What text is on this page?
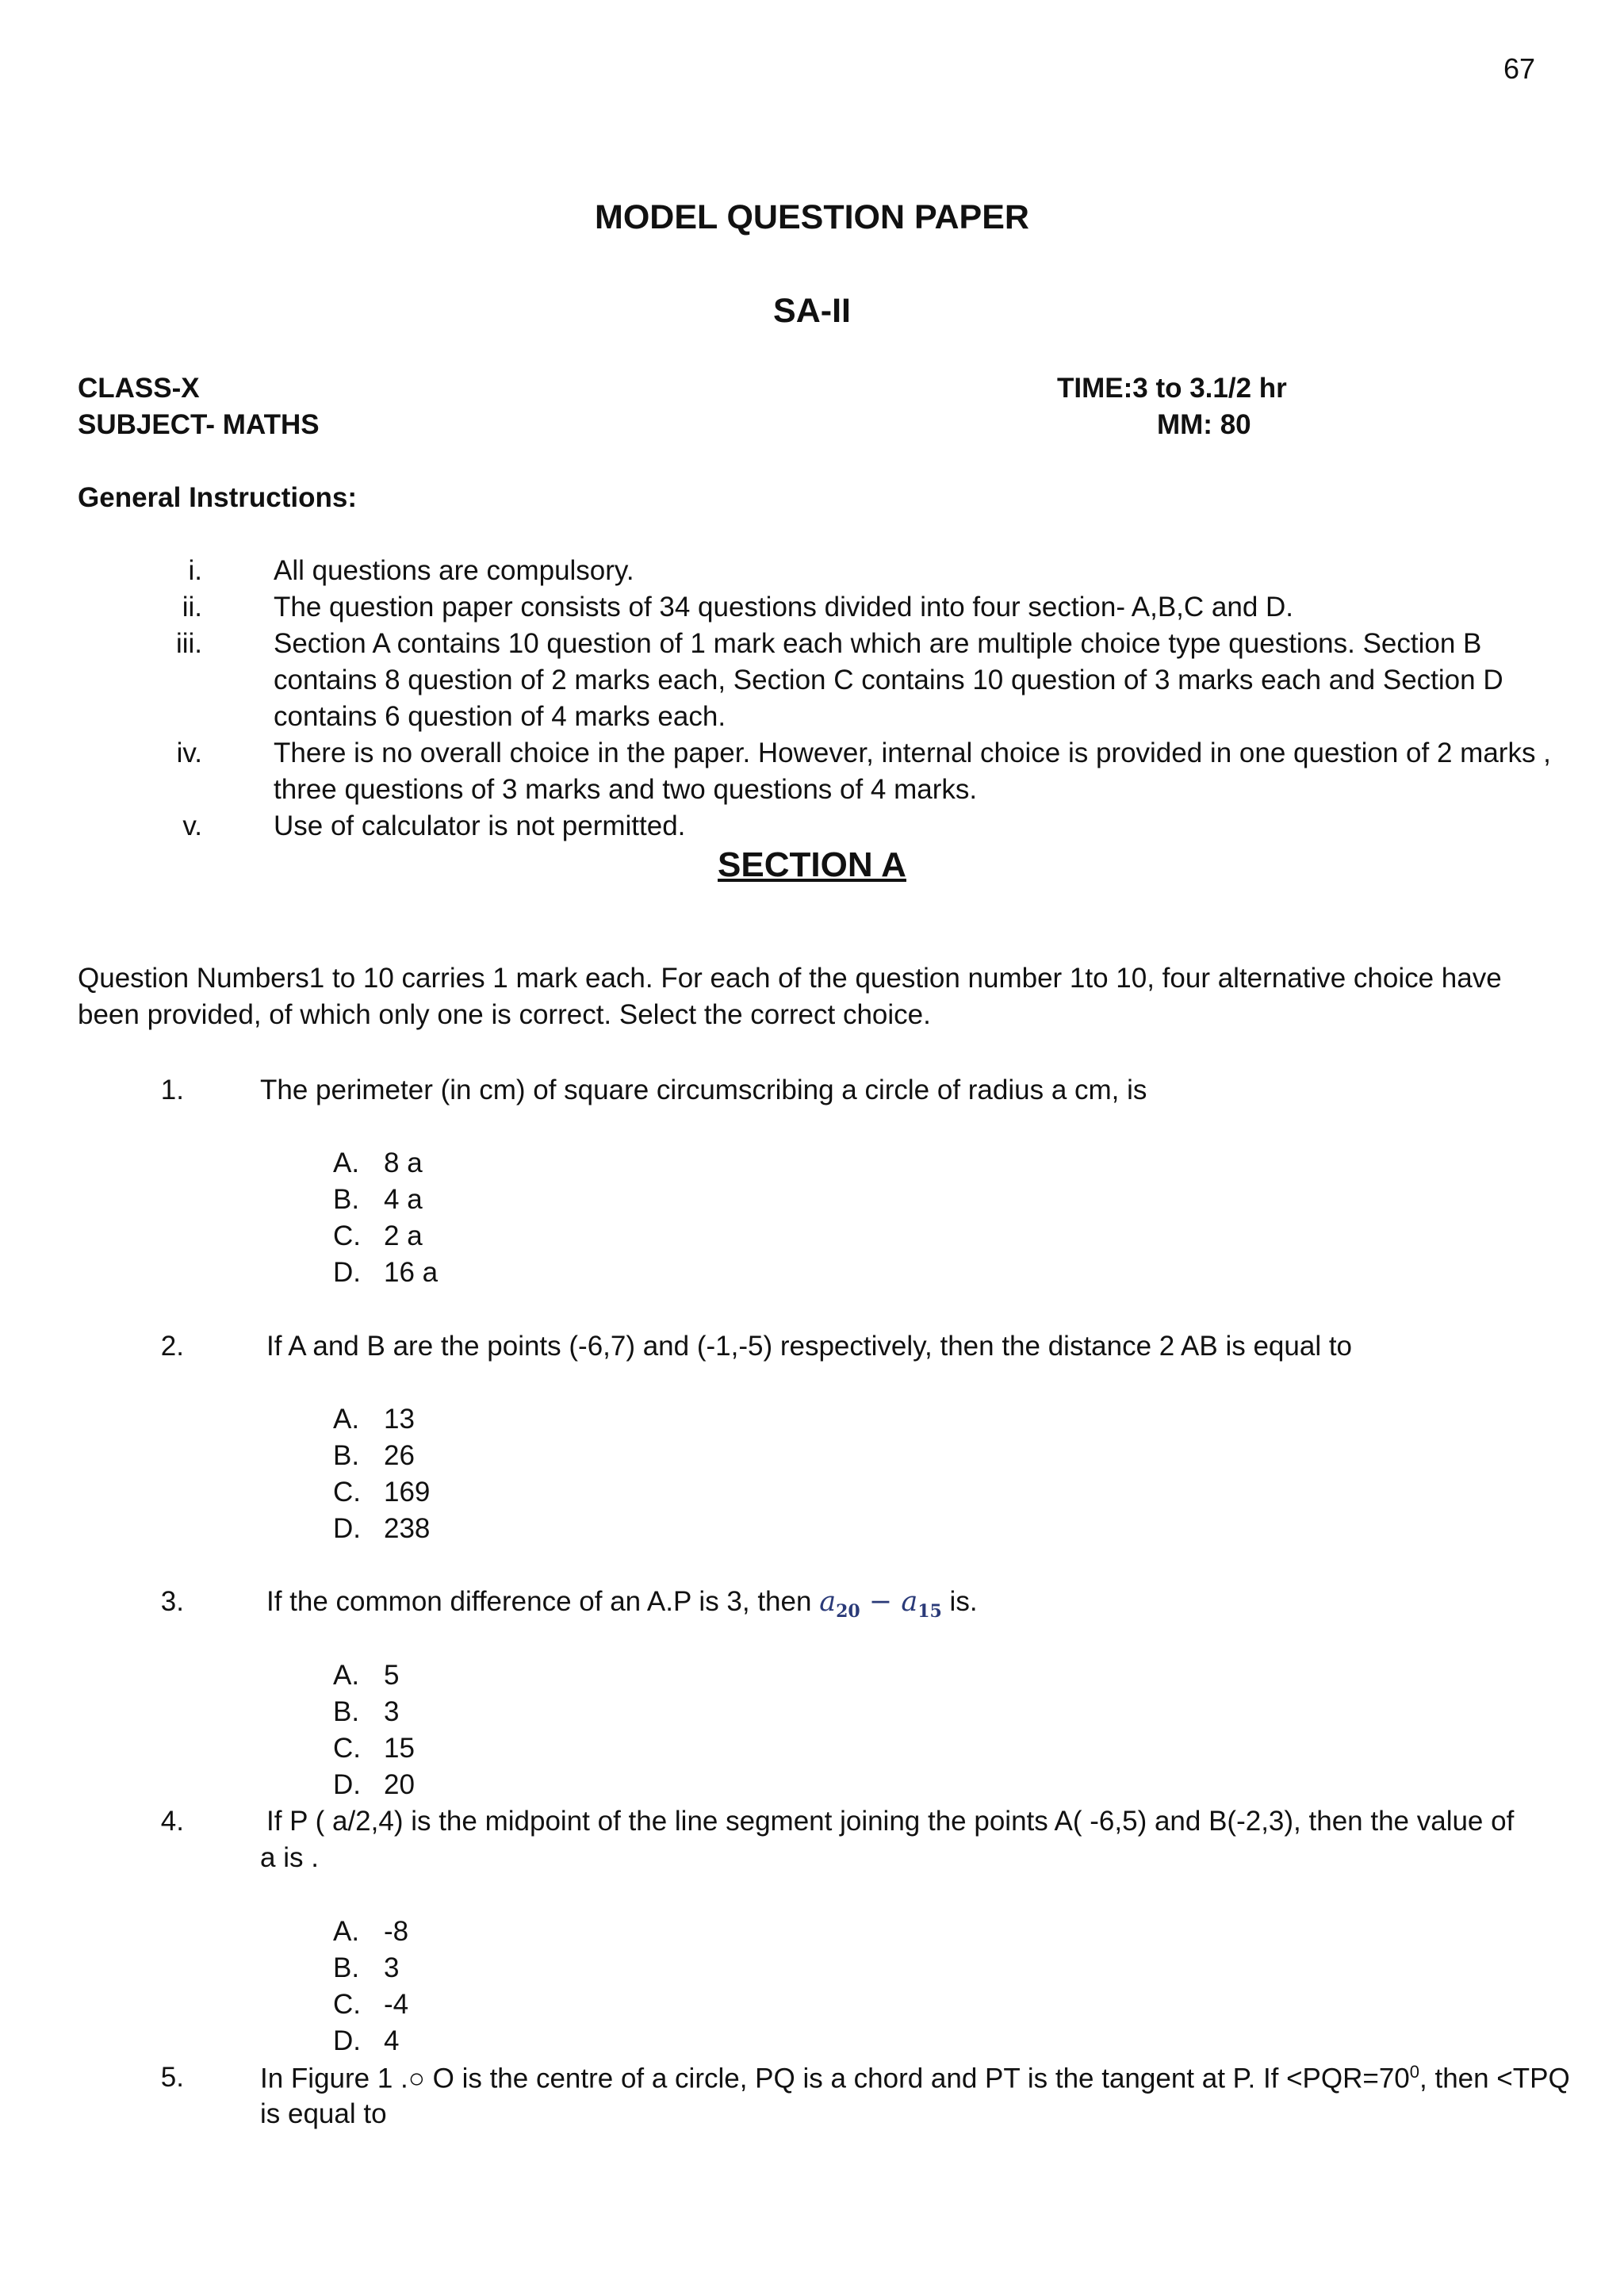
67
MODEL QUESTION PAPER
SA-II
CLASS-X
SUBJECT- MATHS
TIME:3 to 3.1/2 hr
MM: 80
General Instructions:
i.	All questions are compulsory.
ii.	The question paper consists of 34 questions divided into four section- A,B,C and D.
iii.	Section A contains 10 question of 1 mark each which are multiple choice type questions. Section B
contains 8 question of 2 marks each, Section C contains 10 question of 3 marks each and Section D
contains 6 question of 4 marks each.
iv.	There is no overall choice in the paper. However, internal choice is provided in one question of 2 marks ,
three questions of 3 marks and two questions of 4 marks.
v.	Use of calculator is not permitted.
SECTION A
Question Numbers1 to 10 carries 1 mark each. For each of the question number 1to 10, four alternative choice have
been provided, of which only one is correct. Select the correct choice.
1.	The perimeter (in cm) of square circumscribing a circle of radius a cm, is
A. 8 a
B. 4 a
C. 2 a
D. 16 a
2.	If A and B are the points (-6,7) and (-1,-5) respectively, then the distance 2 AB is equal to
A. 13
B. 26
C. 169
D. 238
3.	If the common difference of an A.P is 3, then $a_{20} - a_{15}$ is.
A. 5
B. 3
C. 15
D. 20
4.	If P ( a/2,4) is the midpoint of the line segment joining the points A( -6,5) and B(-2,3), then the value of
a is .
A. -8
B. 3
C. -4
D. 4
5.	In Figure 1 .○ O is the centre of a circle, PQ is a chord and PT is the tangent at P. $If <PQR=70^0$, then <TPQ
is equal to
